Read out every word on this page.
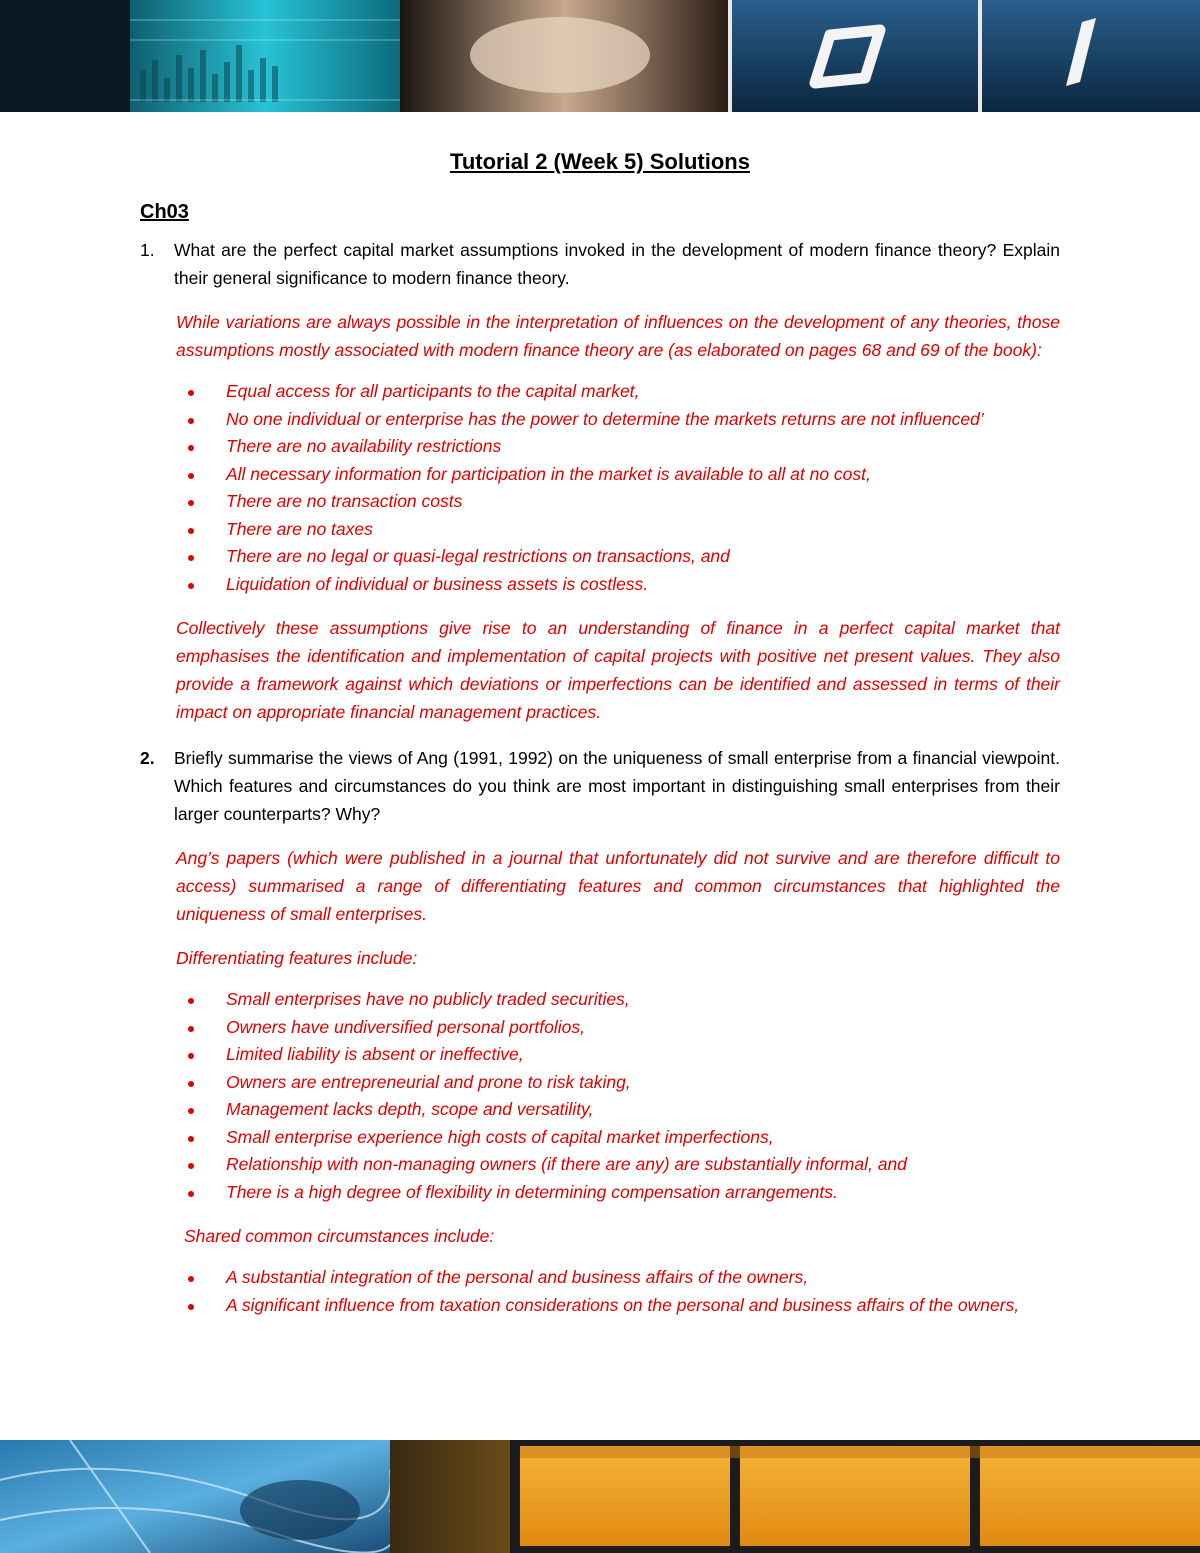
Tutorial 2 (Week 5) Solutions
Ch03
1.	What are the perfect capital market assumptions invoked in the development of modern finance theory? Explain their general significance to modern finance theory.
While variations are always possible in the interpretation of influences on the development of any theories, those assumptions mostly associated with modern finance theory are (as elaborated on pages 68 and 69 of the book):
Equal access for all participants to the capital market,
No one individual or enterprise has the power to determine the markets returns are not influenced’
There are no availability restrictions
All necessary information for participation in the market is available to all at no cost,
There are no transaction costs
There are no taxes
There are no legal or quasi-legal restrictions on transactions, and
Liquidation of individual or business assets is costless.
Collectively these assumptions give rise to an understanding of finance in a perfect capital market that emphasises the identification and implementation of capital projects with positive net present values. They also provide a framework against which deviations or imperfections can be identified and assessed in terms of their impact on appropriate financial management practices.
2.	Briefly summarise the views of Ang (1991, 1992) on the uniqueness of small enterprise from a financial viewpoint. Which features and circumstances do you think are most important in distinguishing small enterprises from their larger counterparts? Why?
Ang’s papers (which were published in a journal that unfortunately did not survive and are therefore difficult to access) summarised a range of differentiating features and common circumstances that highlighted the uniqueness of small enterprises.
Differentiating features include:
Small enterprises have no publicly traded securities,
Owners have undiversified personal portfolios,
Limited liability is absent or ineffective,
Owners are entrepreneurial and prone to risk taking,
Management lacks depth, scope and versatility,
Small enterprise experience high costs of capital market imperfections,
Relationship with non-managing owners (if there are any) are substantially informal, and
There is a high degree of flexibility in determining compensation arrangements.
Shared common circumstances include:
A substantial integration of the personal and business affairs of the owners,
A significant influence from taxation considerations on the personal and business affairs of the owners,
